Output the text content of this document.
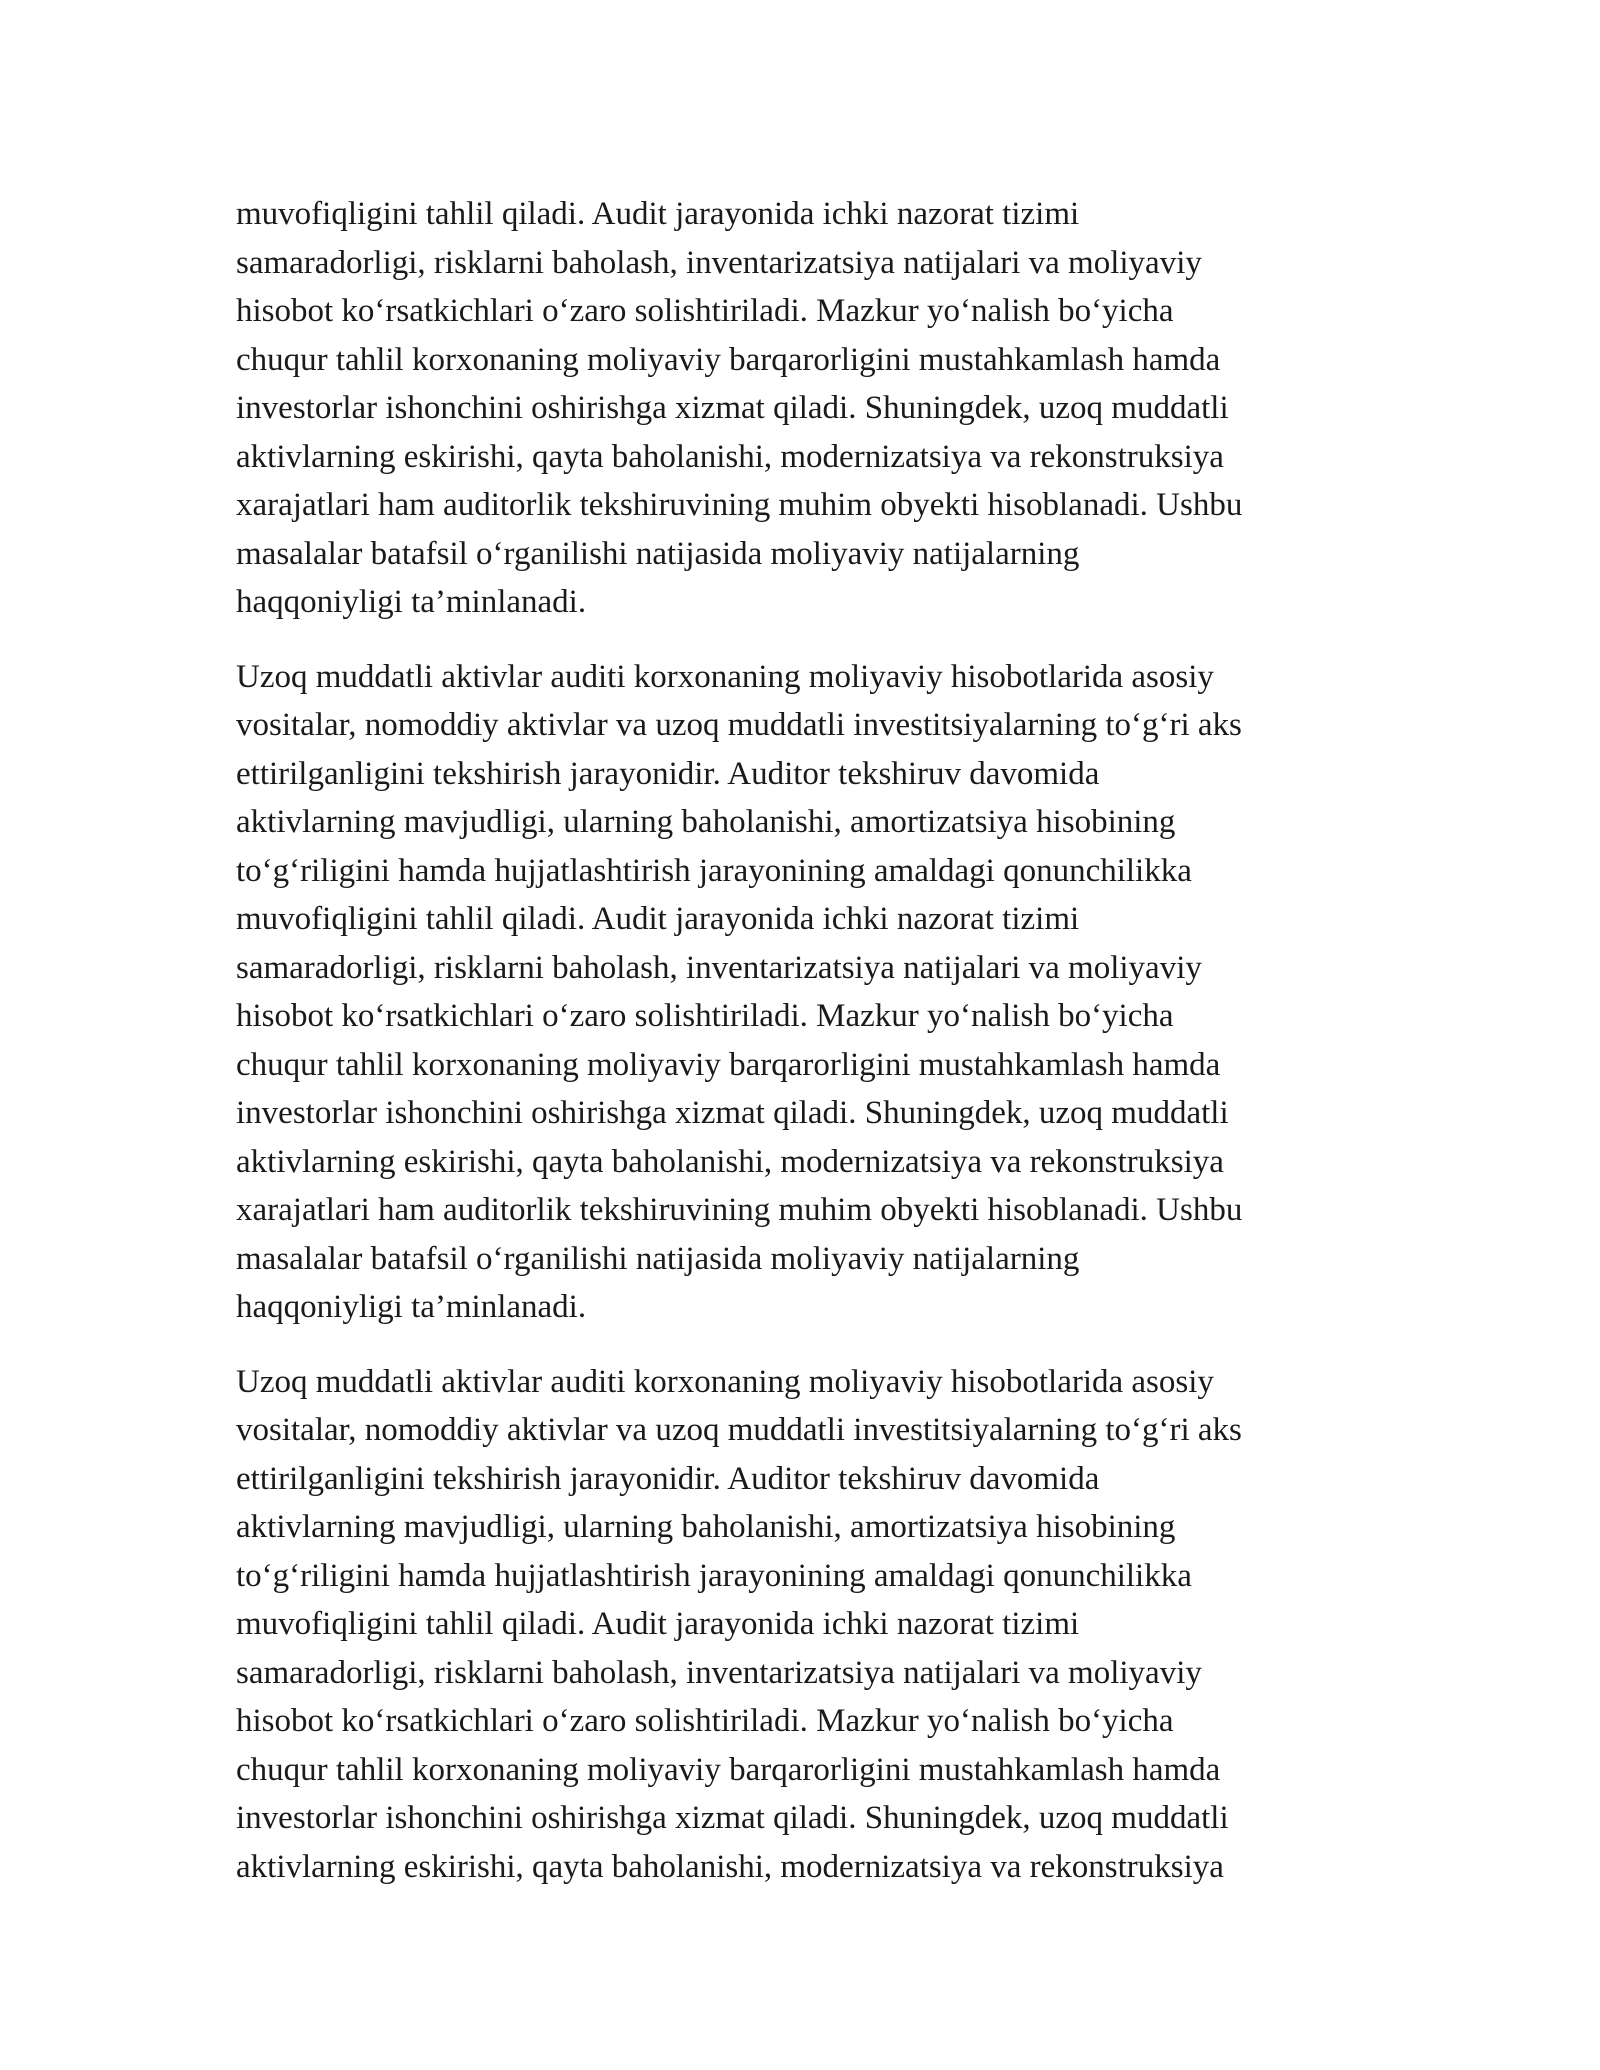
muvofiqligini tahlil qiladi. Audit jarayonida ichki nazorat tizimi
samaradorligi, risklarni baholash, inventarizatsiya natijalari va moliyaviy
hisobot ko‘rsatkichlari o‘zaro solishtiriladi. Mazkur yo‘nalish bo‘yicha
chuqur tahlil korxonaning moliyaviy barqarorligini mustahkamlash hamda
investorlar ishonchini oshirishga xizmat qiladi. Shuningdek, uzoq muddatli
aktivlarning eskirishi, qayta baholanishi, modernizatsiya va rekonstruksiya
xarajatlari ham auditorlik tekshiruvining muhim obyekti hisoblanadi. Ushbu
masalalar batafsil o‘rganilishi natijasida moliyaviy natijalarning
haqqoniyligi ta’minlanadi.

Uzoq muddatli aktivlar auditi korxonaning moliyaviy hisobotlarida asosiy
vositalar, nomoddiy aktivlar va uzoq muddatli investitsiyalarning to‘g‘ri aks
ettirilganligini tekshirish jarayonidir. Auditor tekshiruv davomida
aktivlarning mavjudligi, ularning baholanishi, amortizatsiya hisobining
to‘g‘riligini hamda hujjatlashtirish jarayonining amaldagi qonunchilikka
muvofiqligini tahlil qiladi. Audit jarayonida ichki nazorat tizimi
samaradorligi, risklarni baholash, inventarizatsiya natijalari va moliyaviy
hisobot ko‘rsatkichlari o‘zaro solishtiriladi. Mazkur yo‘nalish bo‘yicha
chuqur tahlil korxonaning moliyaviy barqarorligini mustahkamlash hamda
investorlar ishonchini oshirishga xizmat qiladi. Shuningdek, uzoq muddatli
aktivlarning eskirishi, qayta baholanishi, modernizatsiya va rekonstruksiya
xarajatlari ham auditorlik tekshiruvining muhim obyekti hisoblanadi. Ushbu
masalalar batafsil o‘rganilishi natijasida moliyaviy natijalarning
haqqoniyligi ta’minlanadi.

Uzoq muddatli aktivlar auditi korxonaning moliyaviy hisobotlarida asosiy
vositalar, nomoddiy aktivlar va uzoq muddatli investitsiyalarning to‘g‘ri aks
ettirilganligini tekshirish jarayonidir. Auditor tekshiruv davomida
aktivlarning mavjudligi, ularning baholanishi, amortizatsiya hisobining
to‘g‘riligini hamda hujjatlashtirish jarayonining amaldagi qonunchilikka
muvofiqligini tahlil qiladi. Audit jarayonida ichki nazorat tizimi
samaradorligi, risklarni baholash, inventarizatsiya natijalari va moliyaviy
hisobot ko‘rsatkichlari o‘zaro solishtiriladi. Mazkur yo‘nalish bo‘yicha
chuqur tahlil korxonaning moliyaviy barqarorligini mustahkamlash hamda
investorlar ishonchini oshirishga xizmat qiladi. Shuningdek, uzoq muddatli
aktivlarning eskirishi, qayta baholanishi, modernizatsiya va rekonstruksiya
